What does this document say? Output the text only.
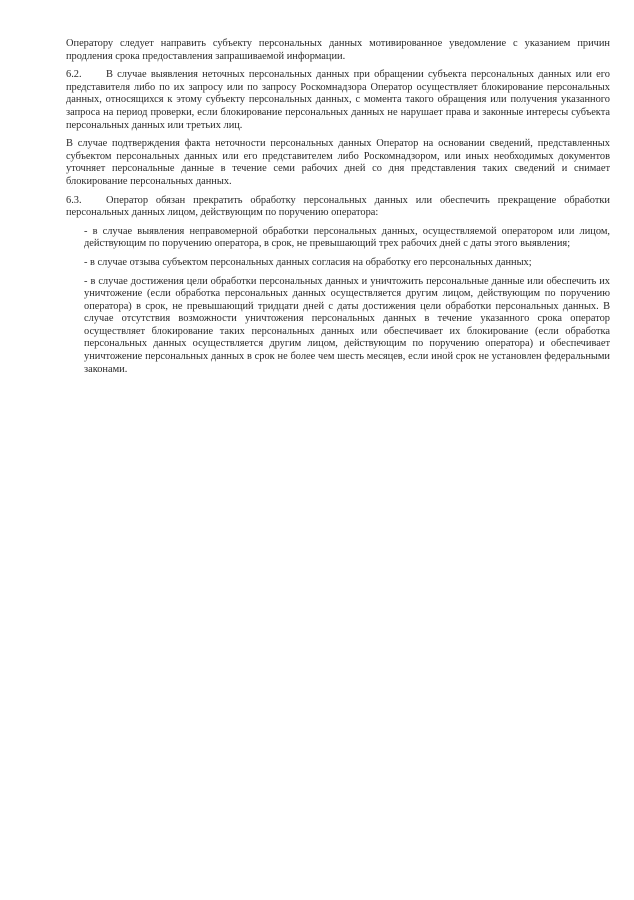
Оператору следует направить субъекту персональных данных мотивированное уведомление с указанием причин продления срока предоставления запрашиваемой информации.

6.2. В случае выявления неточных персональных данных при обращении субъекта персональных данных или его представителя либо по их запросу или по запросу Роскомнадзора Оператор осуществляет блокирование персональных данных, относящихся к этому субъекту персональных данных, с момента такого обращения или получения указанного запроса на период проверки, если блокирование персональных данных не нарушает права и законные интересы субъекта персональных данных или третьих лиц.

В случае подтверждения факта неточности персональных данных Оператор на основании сведений, представленных субъектом персональных данных или его представителем либо Роскомнадзором, или иных необходимых документов уточняет персональные данные в течение семи рабочих дней со дня представления таких сведений и снимает блокирование персональных данных.

6.3. Оператор обязан прекратить обработку персональных данных или обеспечить прекращение обработки персональных данных лицом, действующим по поручению оператора:

- в случае выявления неправомерной обработки персональных данных, осуществляемой оператором или лицом, действующим по поручению оператора, в срок, не превышающий трех рабочих дней с даты этого выявления;

- в случае отзыва субъектом персональных данных согласия на обработку его персональных данных;

- в случае достижения цели обработки персональных данных и уничтожить персональные данные или обеспечить их уничтожение (если обработка персональных данных осуществляется другим лицом, действующим по поручению оператора) в срок, не превышающий тридцати дней с даты достижения цели обработки персональных данных. В случае отсутствия возможности уничтожения персональных данных в течение указанного срока оператор осуществляет блокирование таких персональных данных или обеспечивает их блокирование (если обработка персональных данных осуществляется другим лицом, действующим по поручению оператора) и обеспечивает уничтожение персональных данных в срок не более чем шесть месяцев, если иной срок не установлен федеральными законами.
